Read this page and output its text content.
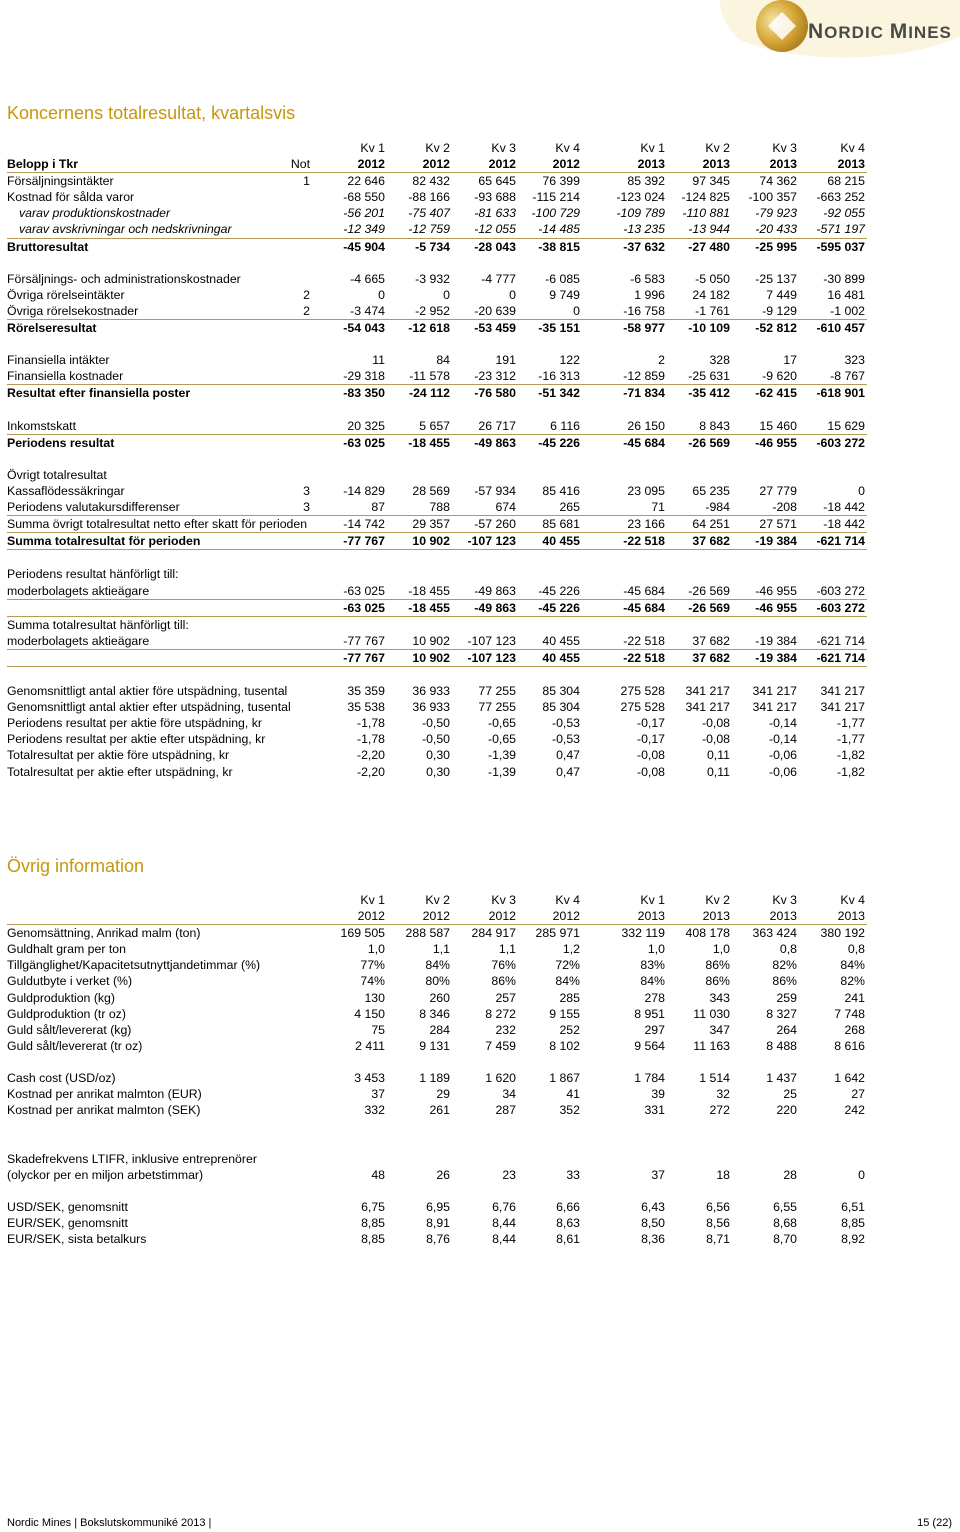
NORDIC MINES
Koncernens totalresultat, kvartalsvis
Kv 1	Kv 2	Kv 3	Kv 4	Kv 1	Kv 2	Kv 3	Kv 4
Belopp i Tkr	Not	2012	2012	2012	2012	2013	2013	2013	2013
Försäljningsintäkter	1	22 646	82 432	65 645	76 399	85 392	97 345	74 362	68 215
Kostnad för sålda varor	-68 550	-88 166	-93 688	-115 214	-123 024	-124 825	-100 357	-663 252
varav produktionskostnader	-56 201	-75 407	-81 633	-100 729	-109 789	-110 881	-79 923	-92 055
varav avskrivningar och nedskrivningar	-12 349	-12 759	-12 055	-14 485	-13 235	-13 944	-20 433	-571 197
Bruttoresultat	-45 904	-5 734	-28 043	-38 815	-37 632	-27 480	-25 995	-595 037
Försäljnings- och administrationskostnader	-4 665	-3 932	-4 777	-6 085	-6 583	-5 050	-25 137	-30 899
Övriga rörelseintäkter	2	0	0	0	9 749	1 996	24 182	7 449	16 481
Övriga rörelsekostnader	2	-3 474	-2 952	-20 639	0	-16 758	-1 761	-9 129	-1 002
Rörelseresultat	-54 043	-12 618	-53 459	-35 151	-58 977	-10 109	-52 812	-610 457
Finansiella intäkter	11	84	191	122	2	328	17	323
Finansiella kostnader	-29 318	-11 578	-23 312	-16 313	-12 859	-25 631	-9 620	-8 767
Resultat efter finansiella poster	-83 350	-24 112	-76 580	-51 342	-71 834	-35 412	-62 415	-618 901
Inkomstskatt	20 325	5 657	26 717	6 116	26 150	8 843	15 460	15 629
Periodens resultat	-63 025	-18 455	-49 863	-45 226	-45 684	-26 569	-46 955	-603 272
Övrigt totalresultat
Kassaflödessäkringar	3	-14 829	28 569	-57 934	85 416	23 095	65 235	27 779	0
Periodens valutakursdifferenser	3	87	788	674	265	71	-984	-208	-18 442
Summa övrigt totalresultat netto efter skatt för perioden	-14 742	29 357	-57 260	85 681	23 166	64 251	27 571	-18 442
Summa totalresultat för perioden	-77 767	10 902	-107 123	40 455	-22 518	37 682	-19 384	-621 714
Periodens resultat hänförligt till:
moderbolagets aktieägare	-63 025	-18 455	-49 863	-45 226	-45 684	-26 569	-46 955	-603 272
-63 025	-18 455	-49 863	-45 226	-45 684	-26 569	-46 955	-603 272
Summa totalresultat hänförligt till:
moderbolagets aktieägare	-77 767	10 902	-107 123	40 455	-22 518	37 682	-19 384	-621 714
-77 767	10 902	-107 123	40 455	-22 518	37 682	-19 384	-621 714
Genomsnittligt antal aktier före utspädning, tusental	35 359	36 933	77 255	85 304	275 528	341 217	341 217	341 217
Genomsnittligt antal aktier efter utspädning, tusental	35 538	36 933	77 255	85 304	275 528	341 217	341 217	341 217
Periodens resultat per aktie före utspädning, kr	-1,78	-0,50	-0,65	-0,53	-0,17	-0,08	-0,14	-1,77
Periodens resultat per aktie efter utspädning, kr	-1,78	-0,50	-0,65	-0,53	-0,17	-0,08	-0,14	-1,77
Totalresultat per aktie före utspädning, kr	-2,20	0,30	-1,39	0,47	-0,08	0,11	-0,06	-1,82
Totalresultat per aktie efter utspädning, kr	-2,20	0,30	-1,39	0,47	-0,08	0,11	-0,06	-1,82
Övrig information
Kv 1	Kv 2	Kv 3	Kv 4	Kv 1	Kv 2	Kv 3	Kv 4
2012	2012	2012	2012	2013	2013	2013	2013
Genomsättning, Anrikad malm (ton)	169 505	288 587	284 917	285 971	332 119	408 178	363 424	380 192
Guldhalt gram per ton	1,0	1,1	1,1	1,2	1,0	1,0	0,8	0,8
Tillgänglighet/Kapacitetsutnyttjandetimmar (%)	77%	84%	76%	72%	83%	86%	82%	84%
Guldutbyte i verket (%)	74%	80%	86%	84%	84%	86%	86%	82%
Guldproduktion (kg)	130	260	257	285	278	343	259	241
Guldproduktion (tr oz)	4 150	8 346	8 272	9 155	8 951	11 030	8 327	7 748
Guld sålt/levererat (kg)	75	284	232	252	297	347	264	268
Guld sålt/levererat (tr oz)	2 411	9 131	7 459	8 102	9 564	11 163	8 488	8 616
Cash cost (USD/oz)	3 453	1 189	1 620	1 867	1 784	1 514	1 437	1 642
Kostnad per anrikat malmton (EUR)	37	29	34	41	39	32	25	27
Kostnad per anrikat malmton (SEK)	332	261	287	352	331	272	220	242
Skadefrekvens LTIFR, inklusive entreprenörer
(olyckor per en miljon arbetstimmar)	48	26	23	33	37	18	28	0
USD/SEK, genomsnitt	6,75	6,95	6,76	6,66	6,43	6,56	6,55	6,51
EUR/SEK, genomsnitt	8,85	8,91	8,44	8,63	8,50	8,56	8,68	8,85
EUR/SEK, sista betalkurs	8,85	8,76	8,44	8,61	8,36	8,71	8,70	8,92
Nordic Mines | Bokslutskommuniké 2013 |	15 (22)
